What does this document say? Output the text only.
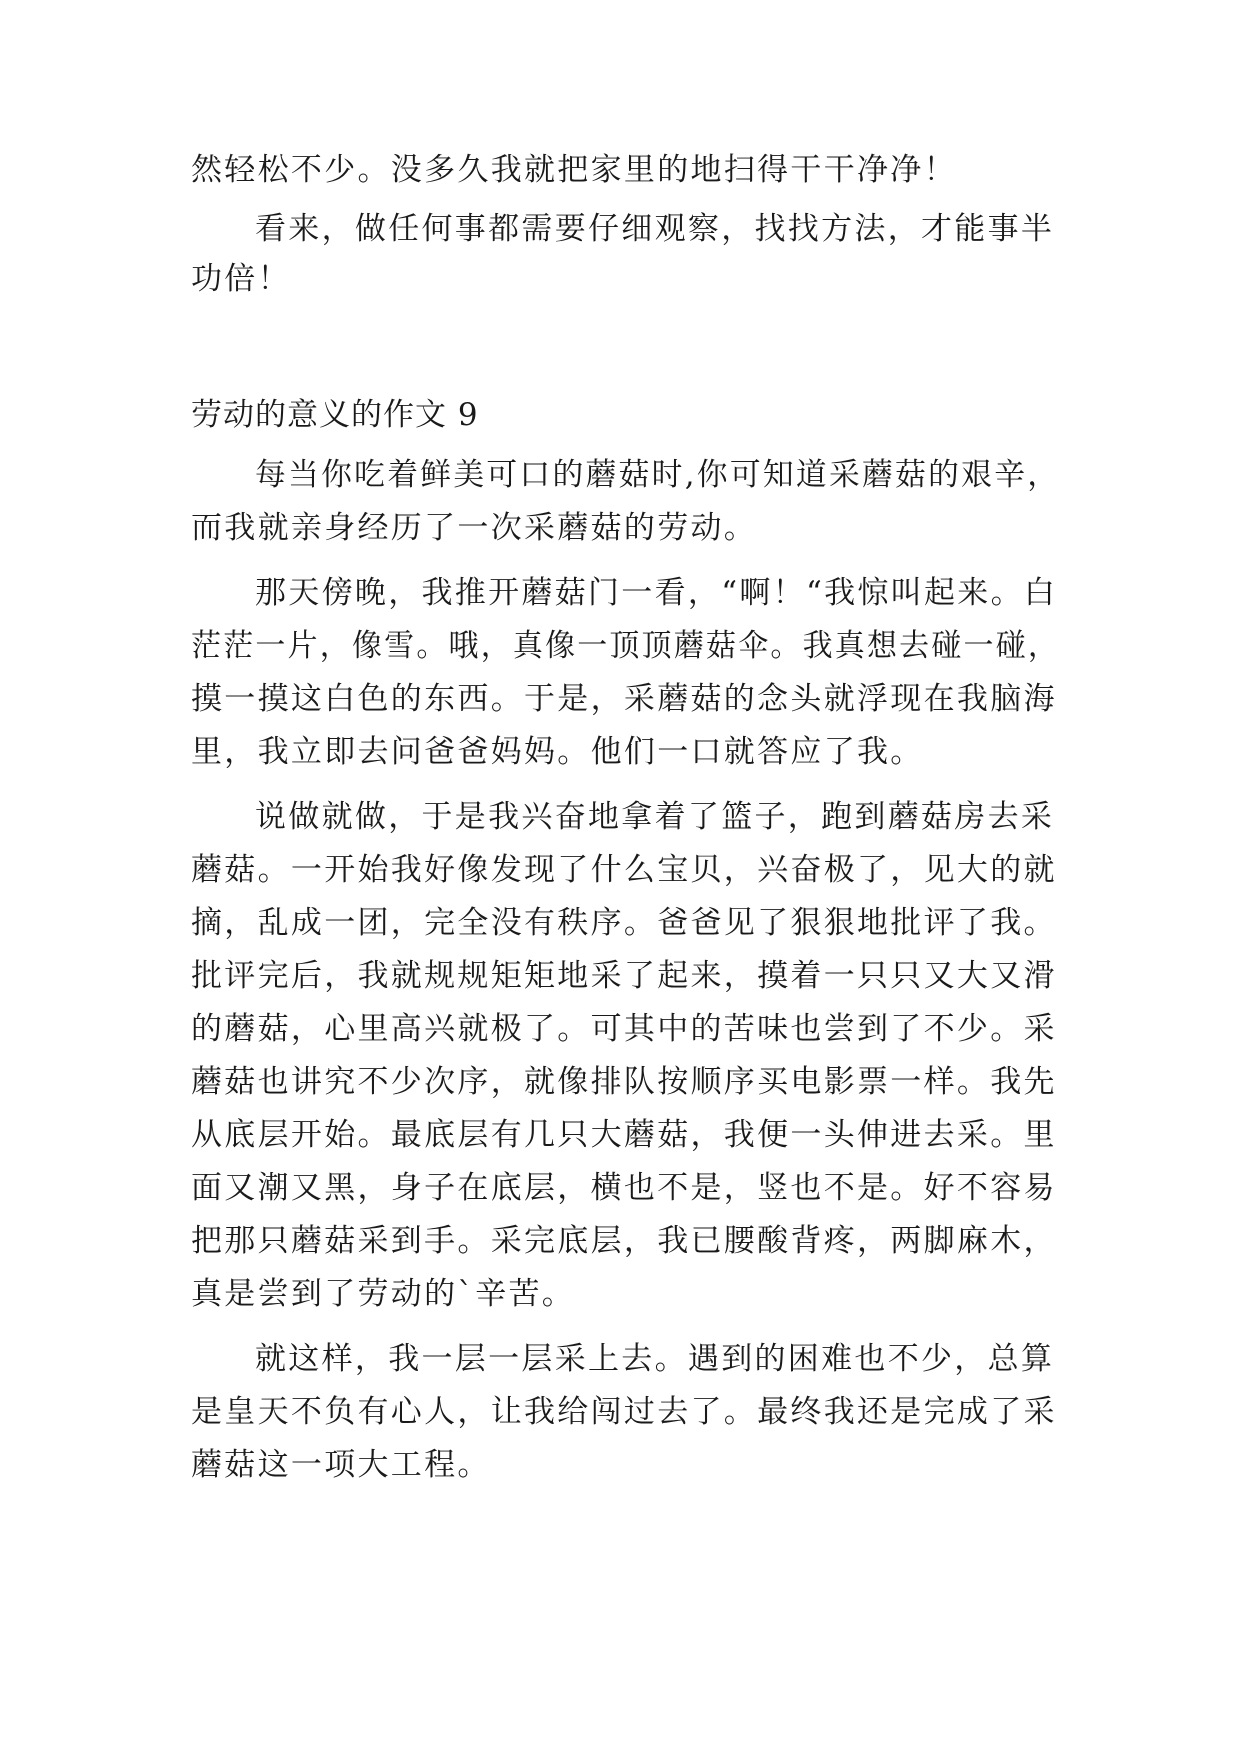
然轻松不少。没多久我就把家里的地扫得干干净净！
看来，做任何事都需要仔细观察，找找方法，才能事半
功倍！
劳动的意义的作文 9
每当你吃着鲜美可口的蘑菇时,你可知道采蘑菇的艰辛，
而我就亲身经历了一次采蘑菇的劳动。
那天傍晚，我推开蘑菇门一看，“啊！“我惊叫起来。白
茫茫一片，像雪。哦，真像一顶顶蘑菇伞。我真想去碰一碰，
摸一摸这白色的东西。于是，采蘑菇的念头就浮现在我脑海
里，我立即去问爸爸妈妈。他们一口就答应了我。
说做就做，于是我兴奋地拿着了篮子，跑到蘑菇房去采
蘑菇。一开始我好像发现了什么宝贝，兴奋极了，见大的就
摘，乱成一团，完全没有秩序。爸爸见了狠狠地批评了我。
批评完后，我就规规矩矩地采了起来，摸着一只只又大又滑
的蘑菇，心里高兴就极了。可其中的苦味也尝到了不少。采
蘑菇也讲究不少次序，就像排队按顺序买电影票一样。我先
从底层开始。最底层有几只大蘑菇，我便一头伸进去采。里
面又潮又黑，身子在底层，横也不是，竖也不是。好不容易
把那只蘑菇采到手。采完底层，我已腰酸背疼，两脚麻木，
真是尝到了劳动的`辛苦。
就这样，我一层一层采上去。遇到的困难也不少，总算
是皇天不负有心人，让我给闯过去了。最终我还是完成了采
蘑菇这一项大工程。
